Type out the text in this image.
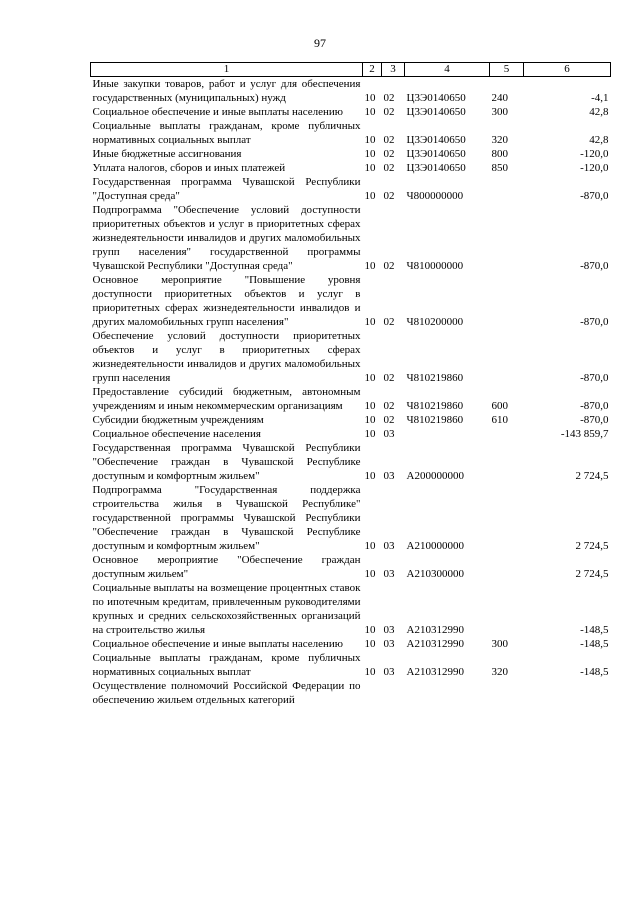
97
1	2	3	4	5	6
Иные закупки товаров, работ и услуг для обеспечения государственных (муниципальных) нужд	10	02	Ц3Э0140650	240	-4,1
Социальное обеспечение и иные выплаты населению	10	02	Ц3Э0140650	300	42,8
Социальные выплаты гражданам, кроме публичных нормативных социальных выплат	10	02	Ц3Э0140650	320	42,8
Иные бюджетные ассигнования	10	02	Ц3Э0140650	800	-120,0
Уплата налогов, сборов и иных платежей	10	02	Ц3Э0140650	850	-120,0
Государственная программа Чувашской Республики "Доступная среда"	10	02	Ч800000000		-870,0
Подпрограмма "Обеспечение условий доступности приоритетных объектов и услуг в приоритетных сферах жизнедеятельности инвалидов и других маломобильных групп населения" государственной программы Чувашской Республики "Доступная среда"	10	02	Ч810000000		-870,0
Основное мероприятие "Повышение уровня доступности приоритетных объектов и услуг в приоритетных сферах жизнедеятельности инвалидов и других маломобильных групп населения"	10	02	Ч810200000		-870,0
Обеспечение условий доступности приоритетных объектов и услуг в приоритетных сферах жизнедеятельности инвалидов и других маломобильных групп населения	10	02	Ч810219860		-870,0
Предоставление субсидий бюджетным, автономным учреждениям и иным некоммерческим организациям	10	02	Ч810219860	600	-870,0
Субсидии бюджетным учреждениям	10	02	Ч810219860	610	-870,0
Социальное обеспечение населения	10	03			-143 859,7
Государственная программа Чувашской Республики "Обеспечение граждан в Чувашской Республике доступным и комфортным жильем"	10	03	А200000000		2 724,5
Подпрограмма "Государственная поддержка строительства жилья в Чувашской Республике" государственной программы Чувашской Республики "Обеспечение граждан в Чувашской Республике доступным и комфортным жильем"	10	03	А210000000		2 724,5
Основное мероприятие "Обеспечение граждан доступным жильем"	10	03	А210300000		2 724,5
Социальные выплаты на возмещение процентных ставок по ипотечным кредитам, привлеченным руководителями крупных и средних сельскохозяйственных организаций на строительство жилья	10	03	А210312990		-148,5
Социальное обеспечение и иные выплаты населению	10	03	А210312990	300	-148,5
Социальные выплаты гражданам, кроме публичных нормативных социальных выплат	10	03	А210312990	320	-148,5
Осуществление полномочий Российской Федерации по обеспечению жильем отдельных категорий					
